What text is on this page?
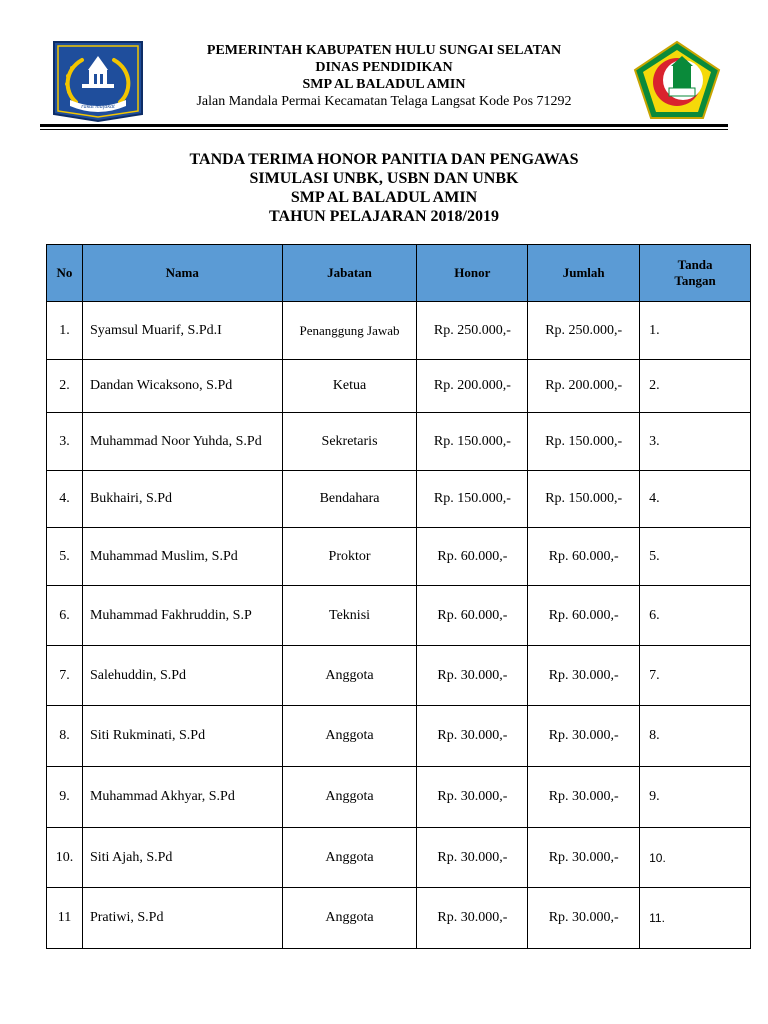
rakat mufakat
PEMERINTAH KABUPATEN HULU SUNGAI SELATAN
DINAS PENDIDIKAN
SMP AL BALADUL AMIN
Jalan Mandala Permai Kecamatan Telaga Langsat Kode Pos 71292
TANDA TERIMA HONOR PANITIA DAN PENGAWAS
SIMULASI UNBK, USBN DAN UNBK
SMP AL BALADUL AMIN
TAHUN PELAJARAN 2018/2019
No	Nama	Jabatan	Honor	Jumlah	Tanda
Tangan

1.	Syamsul Muarif, S.Pd.I	Penanggung Jawab	Rp. 250.000,-	Rp. 250.000,-	1.
2.	Dandan Wicaksono, S.Pd	Ketua	Rp. 200.000,-	Rp. 200.000,-	2.
3.	Muhammad Noor Yuhda, S.Pd	Sekretaris	Rp. 150.000,-	Rp. 150.000,-	3.
4.	Bukhairi, S.Pd	Bendahara	Rp. 150.000,-	Rp. 150.000,-	4.
5.	Muhammad Muslim, S.Pd	Proktor	Rp. 60.000,-	Rp. 60.000,-	5.
6.	Muhammad Fakhruddin, S.P	Teknisi	Rp. 60.000,-	Rp. 60.000,-	6.
7.	Salehuddin, S.Pd	Anggota	Rp. 30.000,-	Rp. 30.000,-	7.
8.	Siti Rukminati, S.Pd	Anggota	Rp. 30.000,-	Rp. 30.000,-	8.
9.	Muhammad Akhyar, S.Pd	Anggota	Rp. 30.000,-	Rp. 30.000,-	9.
10.	Siti Ajah, S.Pd	Anggota	Rp. 30.000,-	Rp. 30.000,-	10.
11	Pratiwi, S.Pd	Anggota	Rp. 30.000,-	Rp. 30.000,-	11.
